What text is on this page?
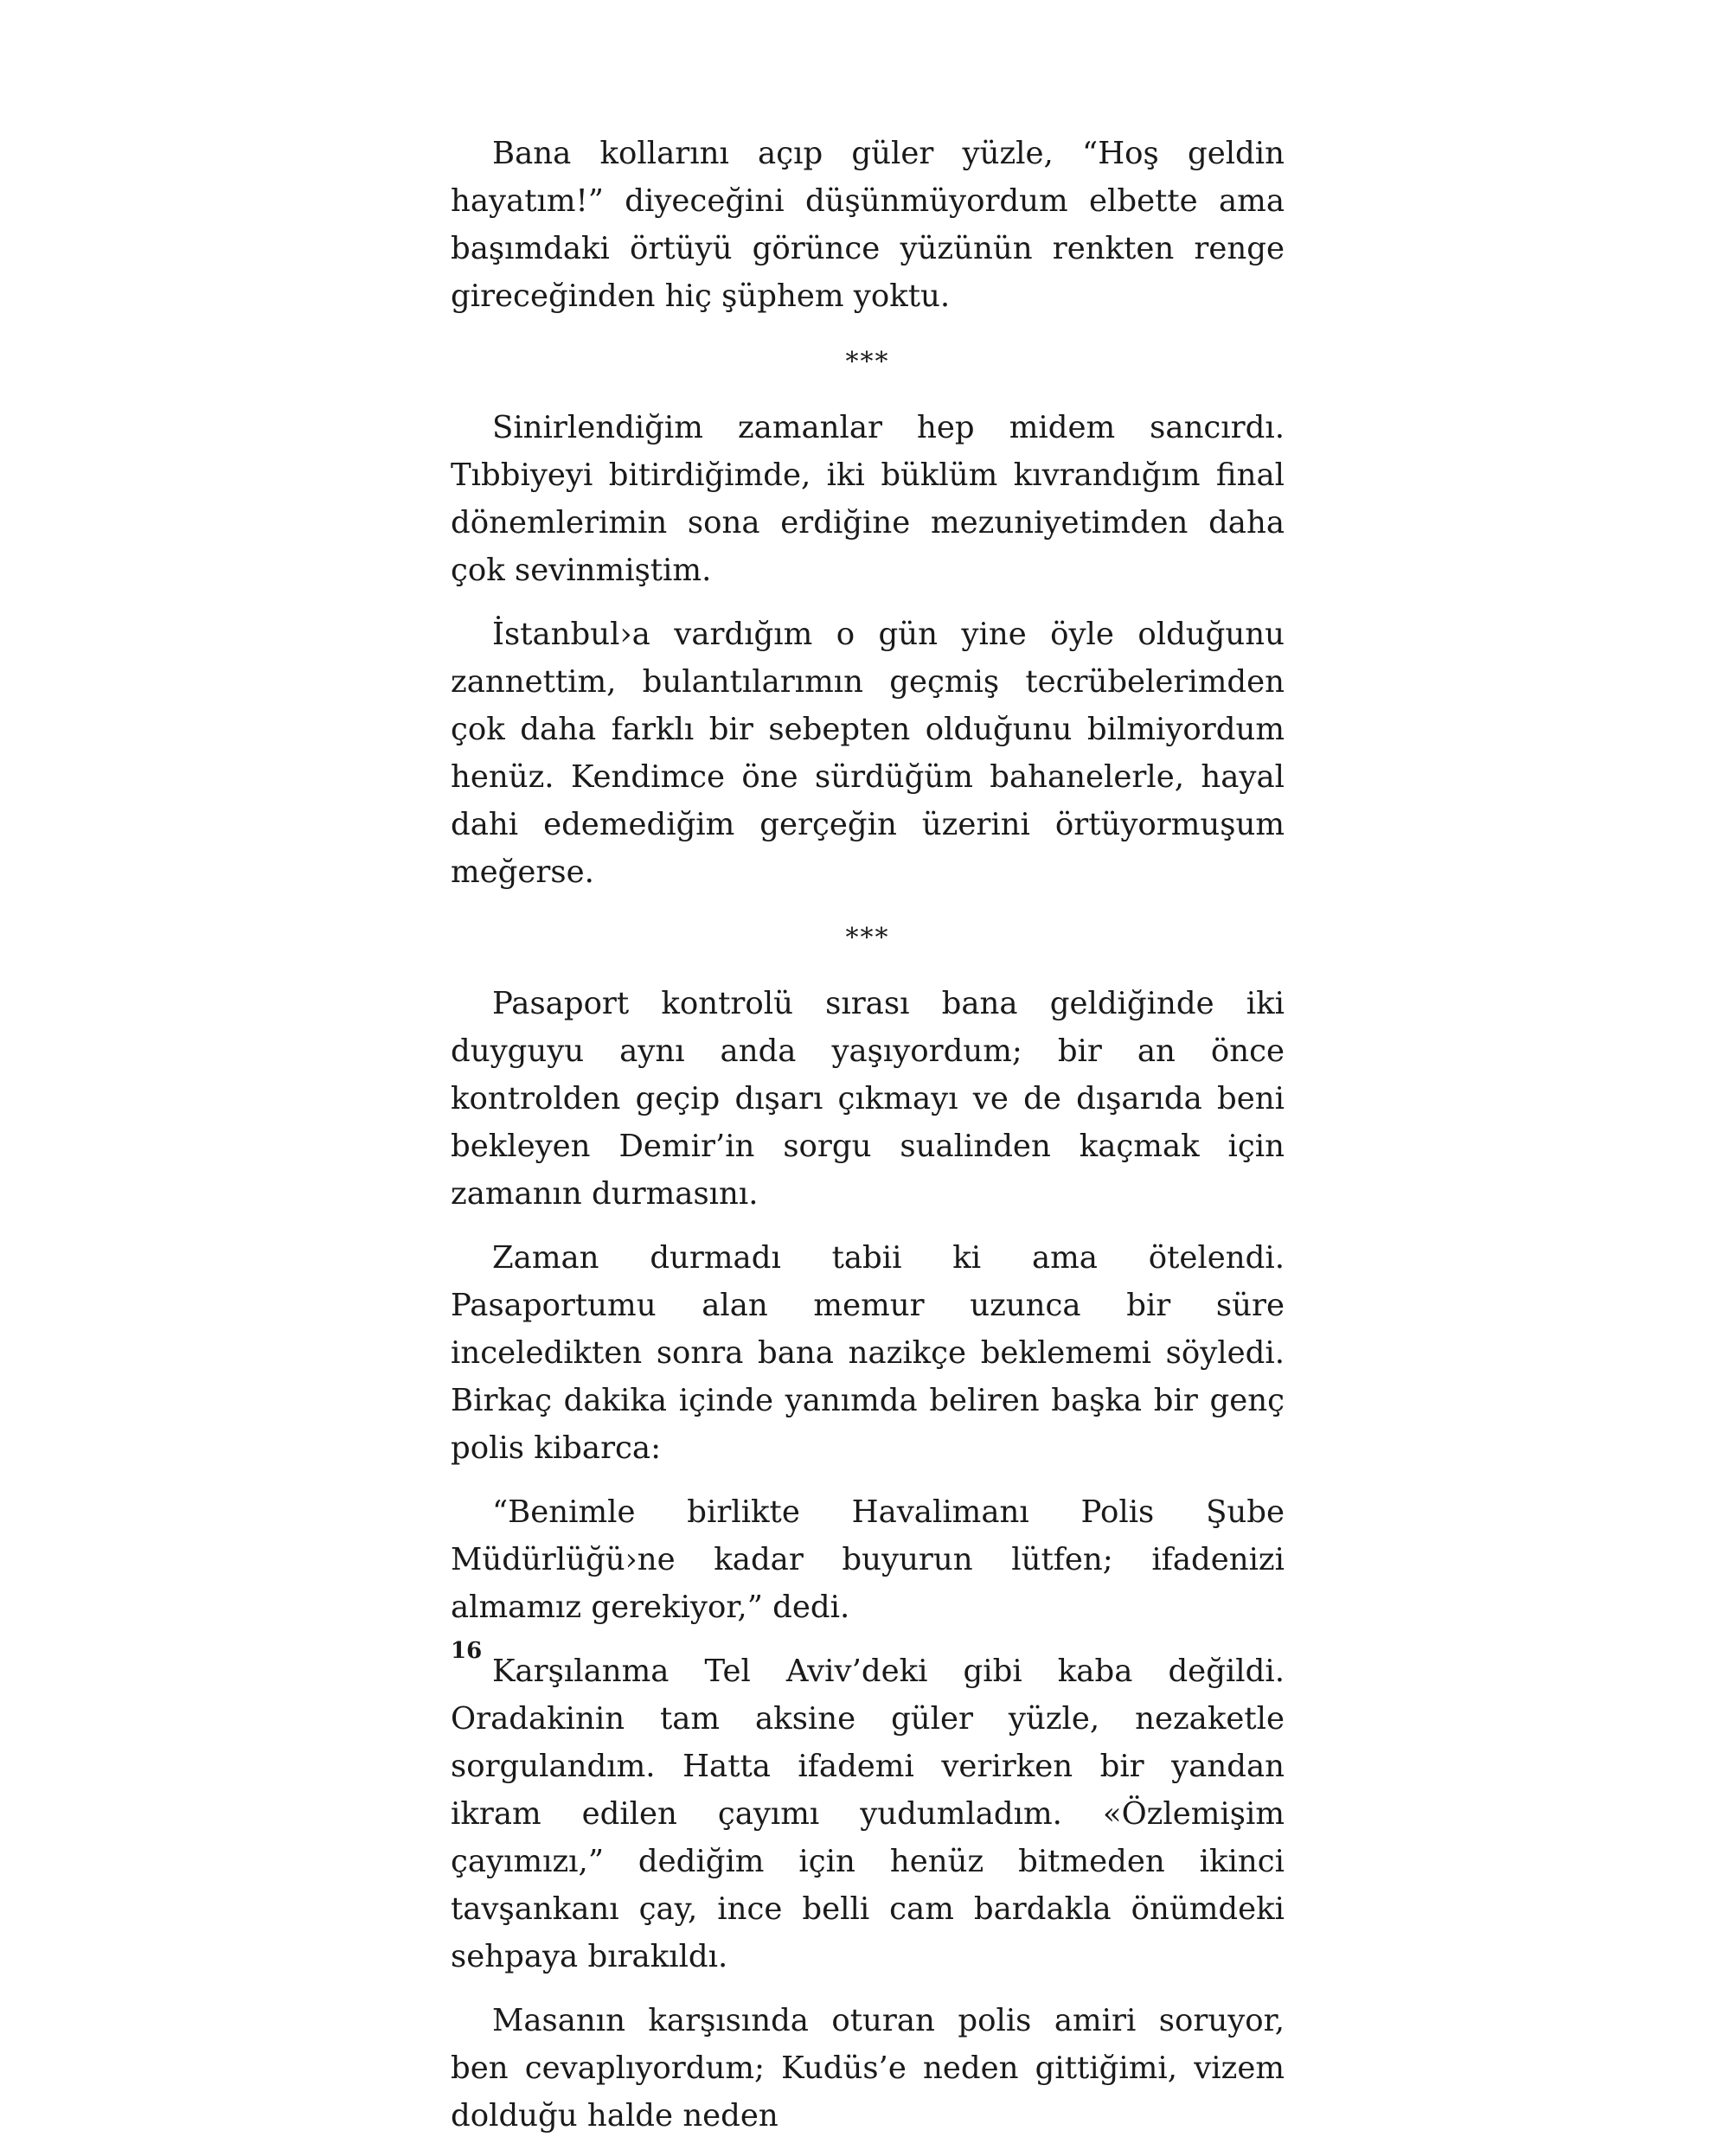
Bana kollarını açıp güler yüzle, “Hoş geldin hayatım!” diyeceğini düşünmüyordum elbette ama başımdaki örtüyü görünce yüzünün renkten renge gireceğinden hiç şüphem yoktu.

***

Sinirlendiğim zamanlar hep midem sancırdı. Tıbbiyeyi bitirdiğimde, iki büklüm kıvrandığım final dönemlerimin sona erdiğine mezuniyetimden daha çok sevinmiştim.

İstanbul›a vardığım o gün yine öyle olduğunu zannettim, bulantılarımın geçmiş tecrübelerimden çok daha farklı bir sebepten olduğunu bilmiyordum henüz. Kendimce öne sürdüğüm bahanelerle, hayal dahi edemediğim gerçeğin üzerini örtüyormuşum meğerse.

***

Pasaport kontrolü sırası bana geldiğinde iki duyguyu aynı anda yaşıyordum; bir an önce kontrolden geçip dışarı çıkmayı ve de dışarıda beni bekleyen Demir’in sorgu sualinden kaçmak için zamanın durmasını.

Zaman durmadı tabii ki ama ötelendi. Pasaportumu alan memur uzunca bir süre inceledikten sonra bana nazikçe beklememi söyledi. Birkaç dakika içinde yanımda beliren başka bir genç polis kibarca:

“Benimle birlikte Havalimanı Polis Şube Müdürlüğü›ne kadar buyurun lütfen; ifadenizi almamız gerekiyor,” dedi.

Karşılanma Tel Aviv’deki gibi kaba değildi. Oradakinin tam aksine güler yüzle, nezaketle sorgulandım. Hatta ifademi verirken bir yandan ikram edilen çayımı yudumladım. «Özlemişim çayımızı,” dediğim için henüz bitmeden ikinci tavşankanı çay, ince belli cam bardakla önümdeki sehpaya bırakıldı.

Masanın karşısında oturan polis amiri soruyor, ben cevaplıyordum; Kudüs’e neden gittiğimi, vizem dolduğu halde neden

16
